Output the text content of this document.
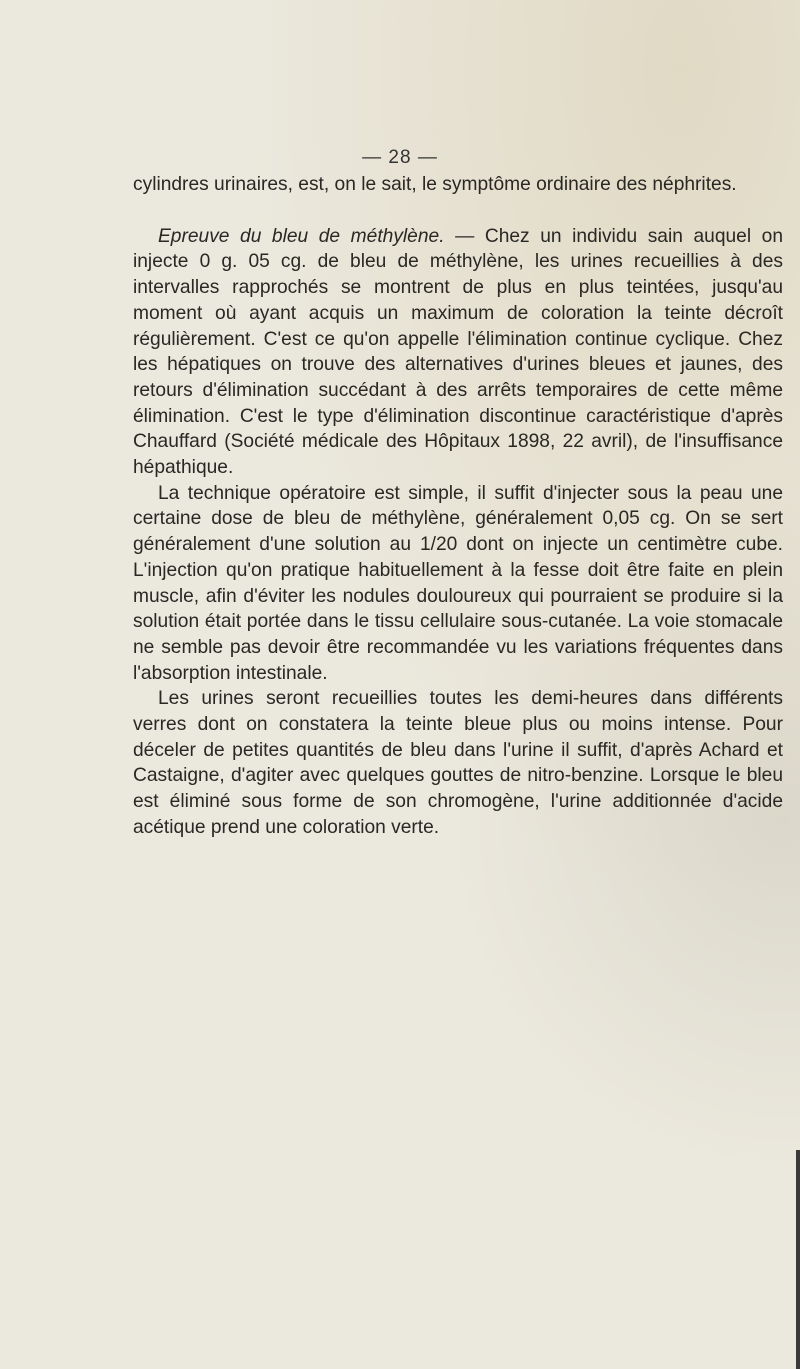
— 28 —

cylindres urinaires, est, on le sait, le symptôme ordinaire des néphrites.

Epreuve du bleu de méthylène. — Chez un individu sain auquel on injecte 0 g. 05 cg. de bleu de méthylène, les urines recueillies à des intervalles rapprochés se montrent de plus en plus teintées, jusqu'au moment où ayant acquis un maximum de coloration la teinte décroît régulièrement. C'est ce qu'on appelle l'élimination continue cyclique. Chez les hépatiques on trouve des alternatives d'urines bleues et jaunes, des retours d'élimination succédant à des arrêts temporaires de cette même élimination. C'est le type d'élimination discontinue caractéristique d'après Chauffard (Société médicale des Hôpitaux 1898, 22 avril), de l'insuffisance hépathique.

La technique opératoire est simple, il suffit d'injecter sous la peau une certaine dose de bleu de méthylène, généralement 0,05 cg. On se sert généralement d'une solution au 1/20 dont on injecte un centimètre cube. L'injection qu'on pratique habituellement à la fesse doit être faite en plein muscle, afin d'éviter les nodules douloureux qui pourraient se produire si la solution était portée dans le tissu cellulaire sous-cutanée. La voie stomacale ne semble pas devoir être recommandée vu les variations fréquentes dans l'absorption intestinale.

Les urines seront recueillies toutes les demi-heures dans différents verres dont on constatera la teinte bleue plus ou moins intense. Pour déceler de petites quantités de bleu dans l'urine il suffit, d'après Achard et Castaigne, d'agiter avec quelques gouttes de nitro-benzine. Lorsque le bleu est éliminé sous forme de son chromogène, l'urine additionnée d'acide acétique prend une coloration verte.
